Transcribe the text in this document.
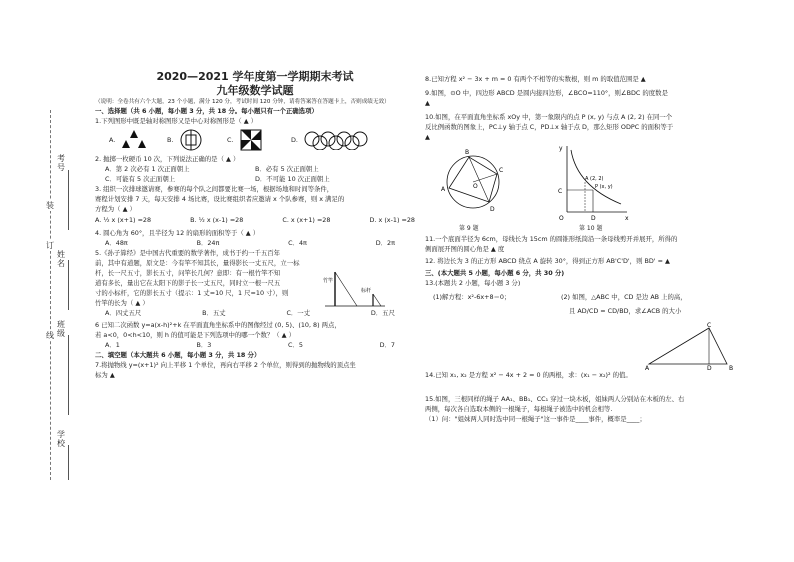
考号
姓名
班级
学校
装
订
线
2020—2021 学年度第一学期期末考试
九年级数学试题
（说明：全卷共有六个大题，23 个小题，满分 120 分，考试时间 120 分钟，请将答案答在答题卡上，否则成绩无效）
一、选择题（共 6 小题，每小题 3 分，共 18 分。每小题只有一个正确选项）
1.下列图形中既是轴对称图形又是中心对称图形是（ ▲ ）
A.	B.	C.	D.
2. 抛掷一枚硬币 10 次，下列说法正确的是（ ▲ ）
A．第 2 次必有 1 次正面朝上	B．必有 5 次正面朝上
C．可能有 5 次正面朝上	D．不可能 10 次正面朝上
3. 组织一次排球邀请赛，参赛的每个队之间都要比赛一场，根据场地和时间等条件，
赛程计划安排 7 天，每天安排 4 场比赛，设比赛组织者应邀请 x 个队参赛，则 x 满足的
方程为（ ▲ ）
A. ½ x (x+1) =28	B. ½ x (x-1) =28	C. x (x+1) =28	D. x (x-1) =28
4. 圆心角为 60°，且半径为 12 的扇形的面积等于（ ▲ ）
A．48π	B．24π	C．4π	D．2π
5.《孙子算经》是中国古代重要的数学著作，成书于约一千五百年
前，其中有道题，原文是：今有竿不知其长，量得影长一丈五尺，立一标
杆，长一尺五寸，影长五寸，问竿长几何？意即：有一根竹竿不知
道有多长，量出它在太阳下的影子长一丈五尺，同时立一根一尺五
寸的小标杆，它的影长五寸（提示：1 丈=10 尺，1 尺=10 寸），则
竹竿的长为（ ▲ ）
竹竿
标杆
A．四丈五尺	B．五丈	C．一丈	D．五尺
6 已知二次函数 y=a(x-h)²+k 在平面直角坐标系中的图像经过 (0, 5)、(10, 8) 两点，
若 a<0，0<h<10，则 h 的值可能是下列选项中的哪一个数？（ ▲ ）
A．1	B．3	C．5	D．7
二、填空题（本大题共 6 小题，每小题 3 分，共 18 分）
7.将抛物线 y=(x+1)² 向上平移 1 个单位，再向右平移 2 个单位，则得到的抛物线的顶点坐
标为 ▲
8.已知方程 x² − 3x + m = 0 有两个不相等的实数根，则 m 的取值范围是 ▲
9.如图，⊙O 中，四边形 ABCD 是圆内接四边形，∠BCO=110°，则∠BDC 的度数是
▲
10.如图，在平面直角坐标系 xOy 中，第一象限内的点 P (x, y) 与点 A (2, 2) 在同一个
反比例函数的图象上，PC⊥y 轴于点 C，PD⊥x 轴于点 D，那么矩形 ODPC 的面积等于
▲
A
B
C
D
O
第 9 题
y
x
O
C
D
A (2, 2)
P (x, y)
第 10 题
11.一个底面半径为 6cm，母线长为 15cm 的圆锥形纸筒沿一条母线剪开并展开，所得的
侧面展开图的圆心角是 ▲ 度
12. 将边长为 3 的正方形 ABCD 绕点 A 旋转 30°，得到正方形 AB'C'D'，则 BD' = ▲
三、(本大题共 5 小题，每小题 6 分，共 30 分)
13.(本题共 2 小题，每小题 3 分)
(1)解方程：x²-6x+8＝0；	(2) 如图，△ABC 中，CD 是边 AB 上的高，
且 AD/CD = CD/BD，求∠ACB 的大小
A	B
C
D
14.已知 x₁, x₂ 是方程 x² − 4x + 2 = 0 的两根，求：(x₁ − x₂)² 的值。
15.如图，三根同样的绳子 AA₁、BB₁、CC₁ 穿过一块木板，姐妹两人分别站在木板的左、右
两侧，每次各自选取本侧的一根绳子，每根绳子被选中的机会相等.
（1）问："姐妹两人同时选中同一根绳子"这一事件是____事件，概率是____；
